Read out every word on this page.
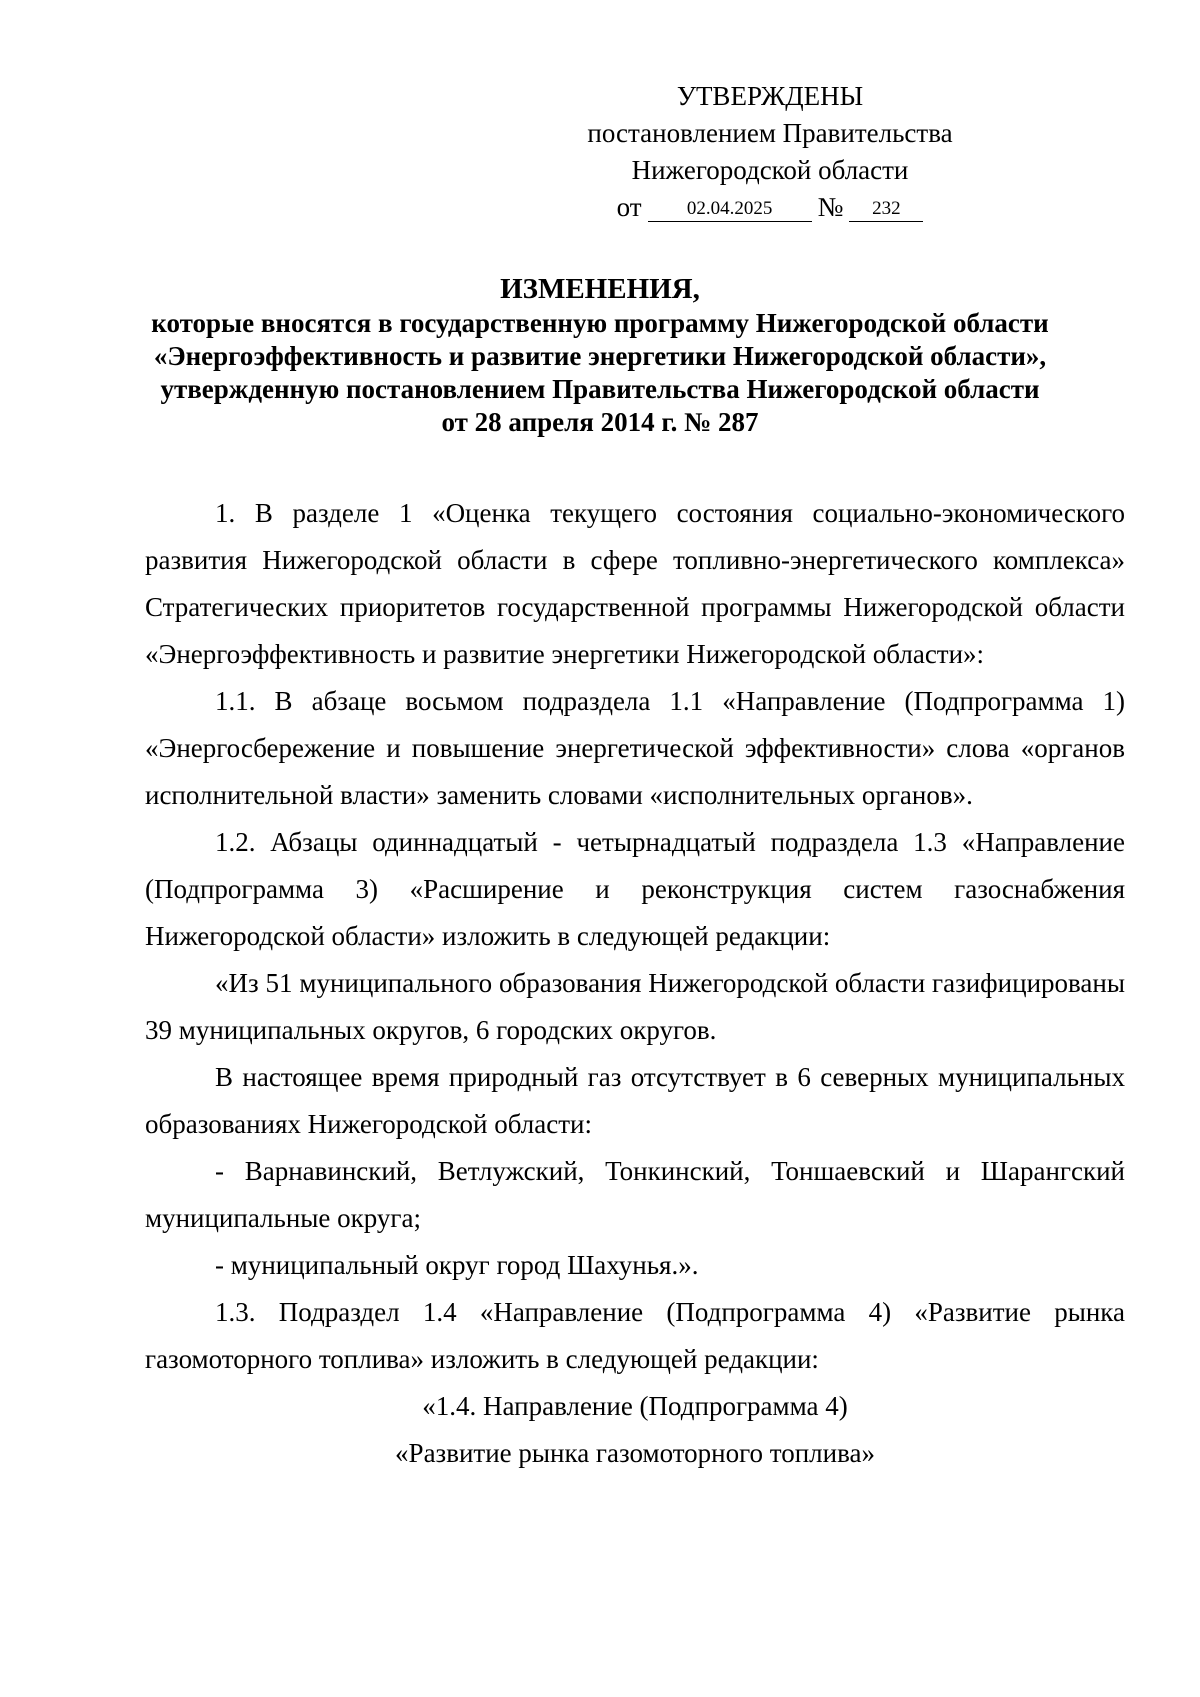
УТВЕРЖДЕНЫ
постановлением Правительства
Нижегородской области
от	02.04.2025	№	232
ИЗМЕНЕНИЯ,
которые вносятся в государственную программу Нижегородской области
«Энергоэффективность и развитие энергетики Нижегородской области»,
утвержденную постановлением Правительства Нижегородской области
от 28 апреля 2014 г. № 287

1. В разделе 1 «Оценка текущего состояния социально-экономического развития Нижегородской области в сфере топливно-энергетического комплекса» Стратегических приоритетов государственной программы Нижегородской области «Энергоэффективность и развитие энергетики Нижегородской области»:

1.1. В абзаце восьмом подраздела 1.1 «Направление (Подпрограмма 1) «Энергосбережение и повышение энергетической эффективности» слова «органов исполнительной власти» заменить словами «исполнительных органов».

1.2. Абзацы одиннадцатый - четырнадцатый подраздела 1.3 «Направление (Подпрограмма 3) «Расширение и реконструкция систем газоснабжения Нижегородской области» изложить в следующей редакции:

«Из 51 муниципального образования Нижегородской области газифицированы 39 муниципальных округов, 6 городских округов.

В настоящее время природный газ отсутствует в 6 северных муниципальных образованиях Нижегородской области:

- Варнавинский, Ветлужский, Тонкинский, Тоншаевский и Шарангский муниципальные округа;

- муниципальный округ город Шахунья.».

1.3. Подраздел 1.4 «Направление (Подпрограмма 4) «Развитие рынка газомоторного топлива» изложить в следующей редакции:

«1.4. Направление (Подпрограмма 4)

«Развитие рынка газомоторного топлива»
